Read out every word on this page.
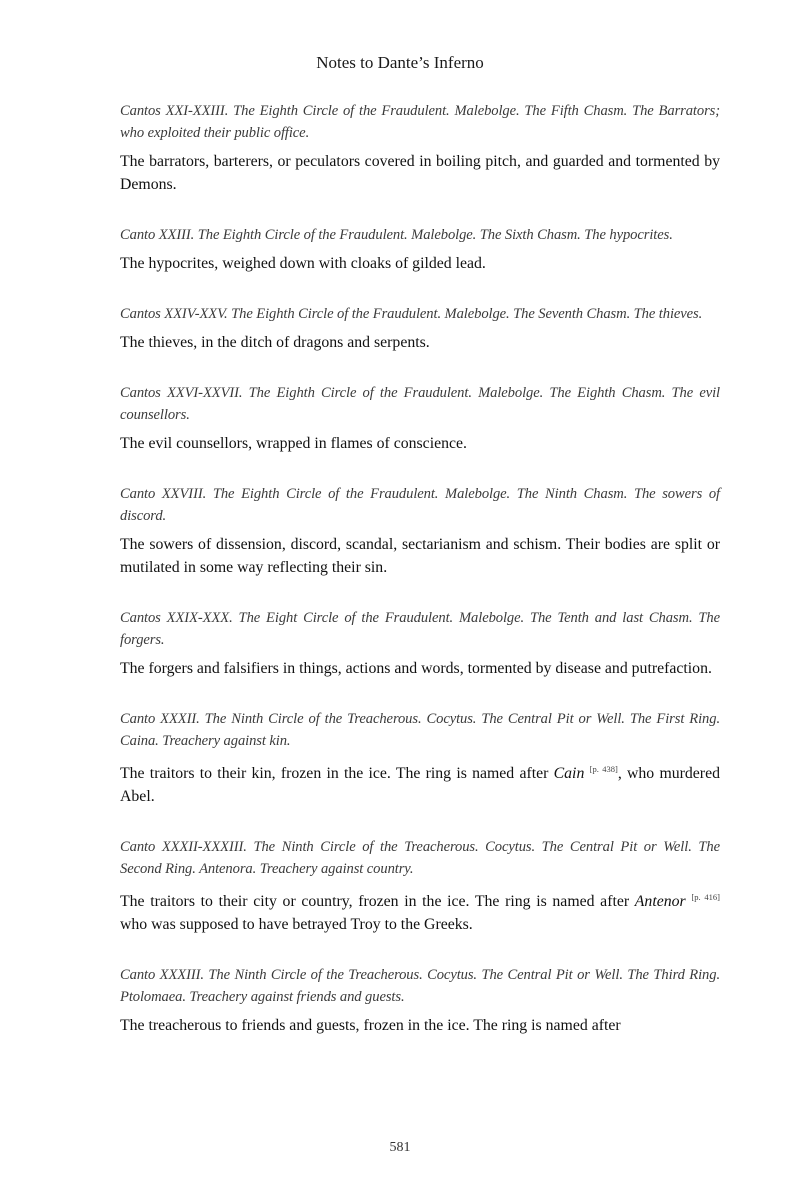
Notes to Dante’s Inferno

Cantos XXI-XXIII. The Eighth Circle of the Fraudulent. Malebolge. The Fifth Chasm. The Barrators; who exploited their public office.

The barrators, barterers, or peculators covered in boiling pitch, and guarded and tormented by Demons.

Canto XXIII. The Eighth Circle of the Fraudulent. Malebolge. The Sixth Chasm. The hypocrites.

The hypocrites, weighed down with cloaks of gilded lead.

Cantos XXIV-XXV. The Eighth Circle of the Fraudulent. Malebolge. The Seventh Chasm. The thieves.

The thieves, in the ditch of dragons and serpents.

Cantos XXVI-XXVII. The Eighth Circle of the Fraudulent. Malebolge. The Eighth Chasm. The evil counsellors.

The evil counsellors, wrapped in flames of conscience.

Canto XXVIII. The Eighth Circle of the Fraudulent. Malebolge. The Ninth Chasm. The sowers of discord.

The sowers of dissension, discord, scandal, sectarianism and schism. Their bodies are split or mutilated in some way reflecting their sin.

Cantos XXIX-XXX. The Eight Circle of the Fraudulent. Malebolge. The Tenth and last Chasm. The forgers.

The forgers and falsifiers in things, actions and words, tormented by disease and putrefaction.

Canto XXXII. The Ninth Circle of the Treacherous. Cocytus. The Central Pit or Well. The First Ring. Caina. Treachery against kin.

The traitors to their kin, frozen in the ice. The ring is named after Cain [p. 438], who murdered Abel.

Canto XXXII-XXXIII. The Ninth Circle of the Treacherous. Cocytus. The Central Pit or Well. The Second Ring. Antenora. Treachery against country.

The traitors to their city or country, frozen in the ice. The ring is named after Antenor [p. 416] who was supposed to have betrayed Troy to the Greeks.

Canto XXXIII. The Ninth Circle of the Treacherous. Cocytus. The Central Pit or Well. The Third Ring. Ptolomaea. Treachery against friends and guests.

The treacherous to friends and guests, frozen in the ice. The ring is named after

581
